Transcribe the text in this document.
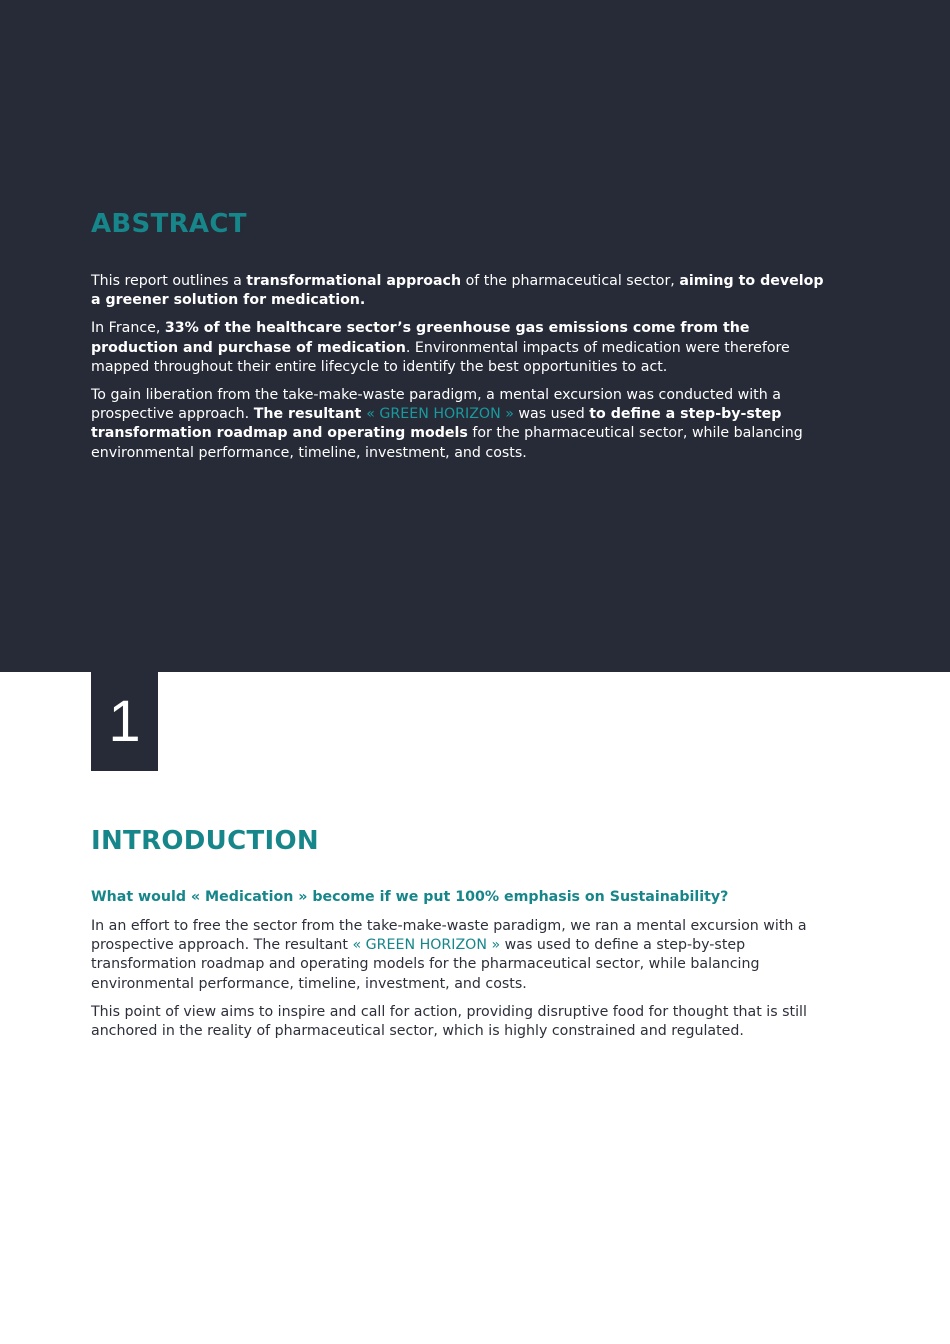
ABSTRACT

This report outlines a transformational approach of the pharmaceutical sector, aiming to develop a greener solution for medication.

In France, 33% of the healthcare sector’s greenhouse gas emissions come from the production and purchase of medication. Environmental impacts of medication were therefore mapped throughout their entire lifecycle to identify the best opportunities to act.

To gain liberation from the take-make-waste paradigm, a mental excursion was conducted with a prospective approach. The resultant « GREEN HORIZON » was used to define a step-by-step transformation roadmap and operating models for the pharmaceutical sector, while balancing environmental performance, timeline, investment, and costs.

1
INTRODUCTION

What would « Medication » become if we put 100% emphasis on Sustainability?

In an effort to free the sector from the take-make-waste paradigm, we ran a mental excursion with a prospective approach. The resultant « GREEN HORIZON » was used to define a step-by-step transformation roadmap and operating models for the pharmaceutical sector, while balancing environmental performance, timeline, investment, and costs.

This point of view aims to inspire and call for action, providing disruptive food for thought that is still anchored in the reality of pharmaceutical sector, which is highly constrained and regulated.
